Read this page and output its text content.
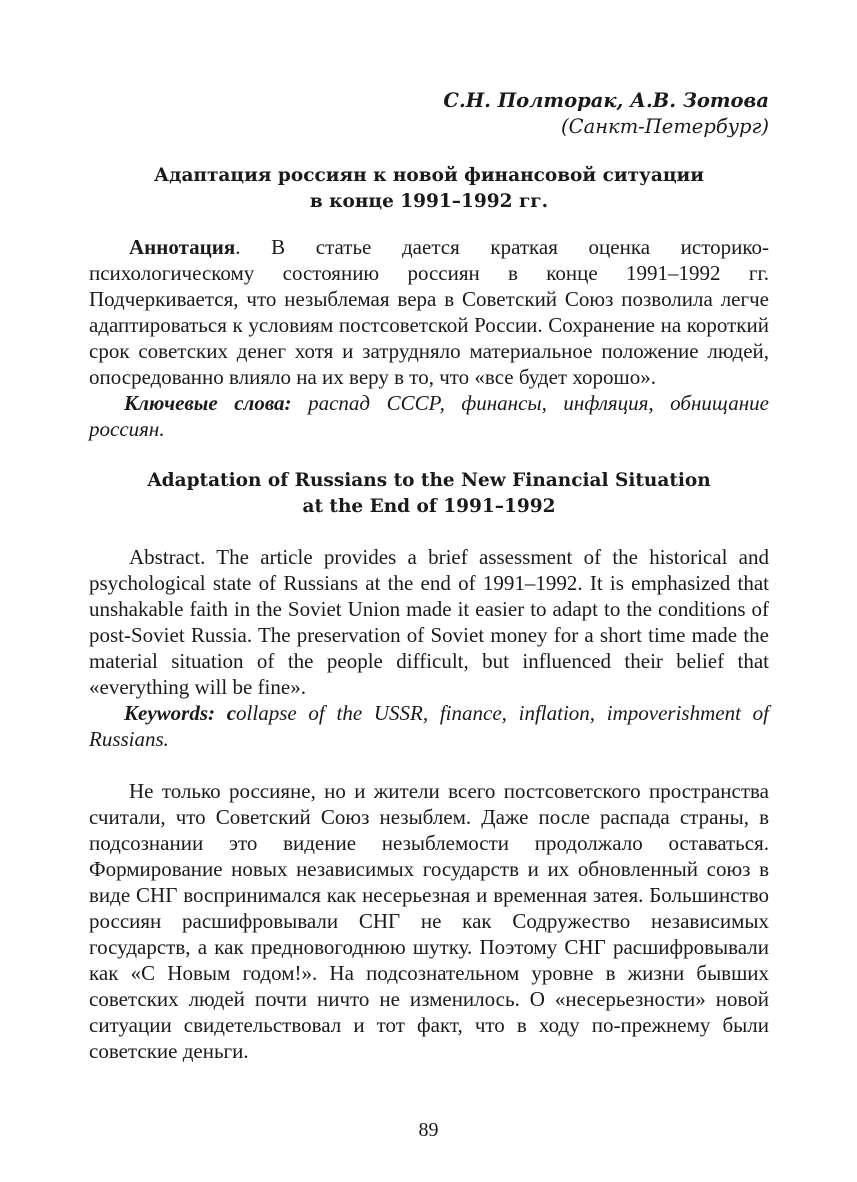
С.Н. Полторак, А.В. Зотова

(Санкт-Петербург)

Адаптация россиян к новой финансовой ситуации
в конце 1991–1992 гг.

Аннотация. В статье дается краткая оценка историко-психологическому состоянию россиян в конце 1991–1992 гг. Подчеркивается, что незыблемая вера в Советский Союз позволила легче адаптироваться к условиям постсоветской России. Сохранение на короткий срок советских денег хотя и затрудняло материальное положение людей, опосредованно влияло на их веру в то, что «все будет хорошо».

Ключевые слова: распад СССР, финансы, инфляция, обнищание россиян.

Adaptation of Russians to the New Financial Situation
at the End of 1991–1992

Abstract. The article provides a brief assessment of the historical and psychological state of Russians at the end of 1991–1992. It is emphasized that unshakable faith in the Soviet Union made it easier to adapt to the conditions of post-Soviet Russia. The preservation of Soviet money for a short time made the material situation of the people difficult, but influenced their belief that «everything will be fine».

Keywords: collapse of the USSR, finance, inflation, impoverishment of Russians.

Не только россияне, но и жители всего постсоветского пространства считали, что Советский Союз незыблем. Даже после распада страны, в подсознании это видение незыблемости продолжало оставаться. Формирование новых независимых государств и их обновленный союз в виде СНГ воспринимался как несерьезная и временная затея. Большинство россиян расшифровывали СНГ не как Содружество независимых государств, а как предновогоднюю шутку. Поэтому СНГ расшифровывали как «С Новым годом!». На подсознательном уровне в жизни бывших советских людей почти ничто не изменилось. О «несерьезности» новой ситуации свидетельствовал и тот факт, что в ходу по-прежнему были советские деньги.

89
